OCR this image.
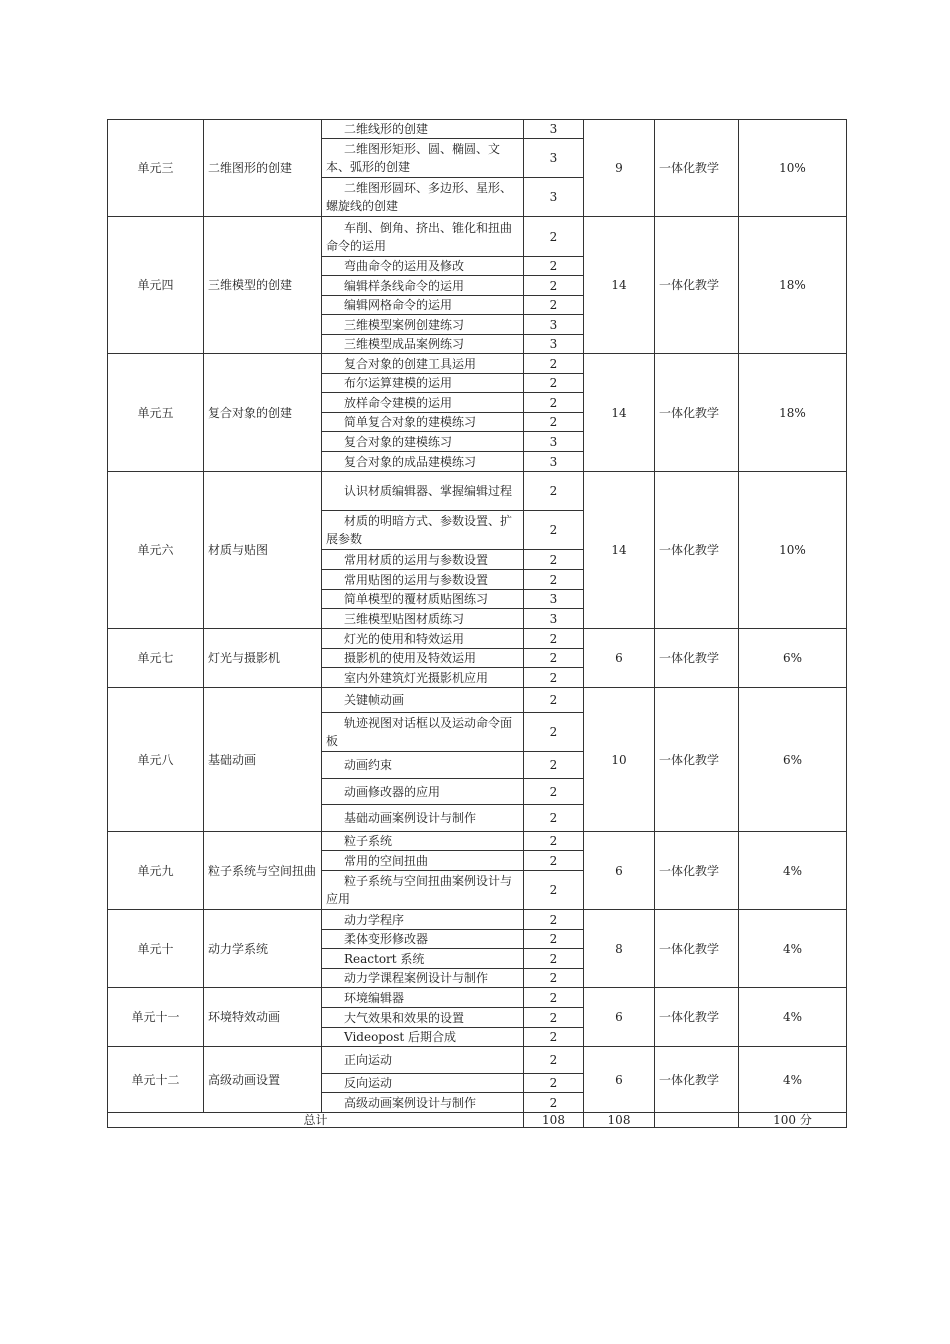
单元三	二维图形的创建	二维线形的创建	3	9	一体化教学	10%
		二维图形矩形、圆、椭圆、文本、弧形的创建	3			
		二维图形圆环、多边形、星形、螺旋线的创建	3			
单元四	三维模型的创建	车削、倒角、挤出、锥化和扭曲命令的运用	2	14	一体化教学	18%
		弯曲命令的运用及修改	2			
		编辑样条线命令的运用	2			
		编辑网格命令的运用	2			
		三维模型案例创建练习	3			
		三维模型成品案例练习	3			
单元五	复合对象的创建	复合对象的创建工具运用	2	14	一体化教学	18%
		布尔运算建模的运用	2			
		放样命令建模的运用	2			
		简单复合对象的建模练习	2			
		复合对象的建模练习	3			
		复合对象的成品建模练习	3			
单元六	材质与贴图	认识材质编辑器、掌握编辑过程	2	14	一体化教学	10%
		材质的明暗方式、参数设置、扩展参数	2			
		常用材质的运用与参数设置	2			
		常用贴图的运用与参数设置	2			
		简单模型的覆材质贴图练习	3			
		三维模型贴图材质练习	3			
单元七	灯光与摄影机	灯光的使用和特效运用	2	6	一体化教学	6%
		摄影机的使用及特效运用	2			
		室内外建筑灯光摄影机应用	2			
单元八	基础动画	关键帧动画	2	10	一体化教学	6%
		轨迹视图对话框以及运动命令面板	2			
		动画约束	2			
		动画修改器的应用	2			
		基础动画案例设计与制作	2			
单元九	粒子系统与空间扭曲	粒子系统	2	6	一体化教学	4%
		常用的空间扭曲	2			
		粒子系统与空间扭曲案例设计与应用	2			
单元十	动力学系统	动力学程序	2	8	一体化教学	4%
		柔体变形修改器	2			
		Reactort 系统	2			
		动力学课程案例设计与制作	2			
单元十一	环境特效动画	环境编辑器	2	6	一体化教学	4%
		大气效果和效果的设置	2			
		Videopost 后期合成	2			
单元十二	高级动画设置	正向运动	2	6	一体化教学	4%
		反向运动	2			
		高级动画案例设计与制作	2			
总计			108	108		100 分
